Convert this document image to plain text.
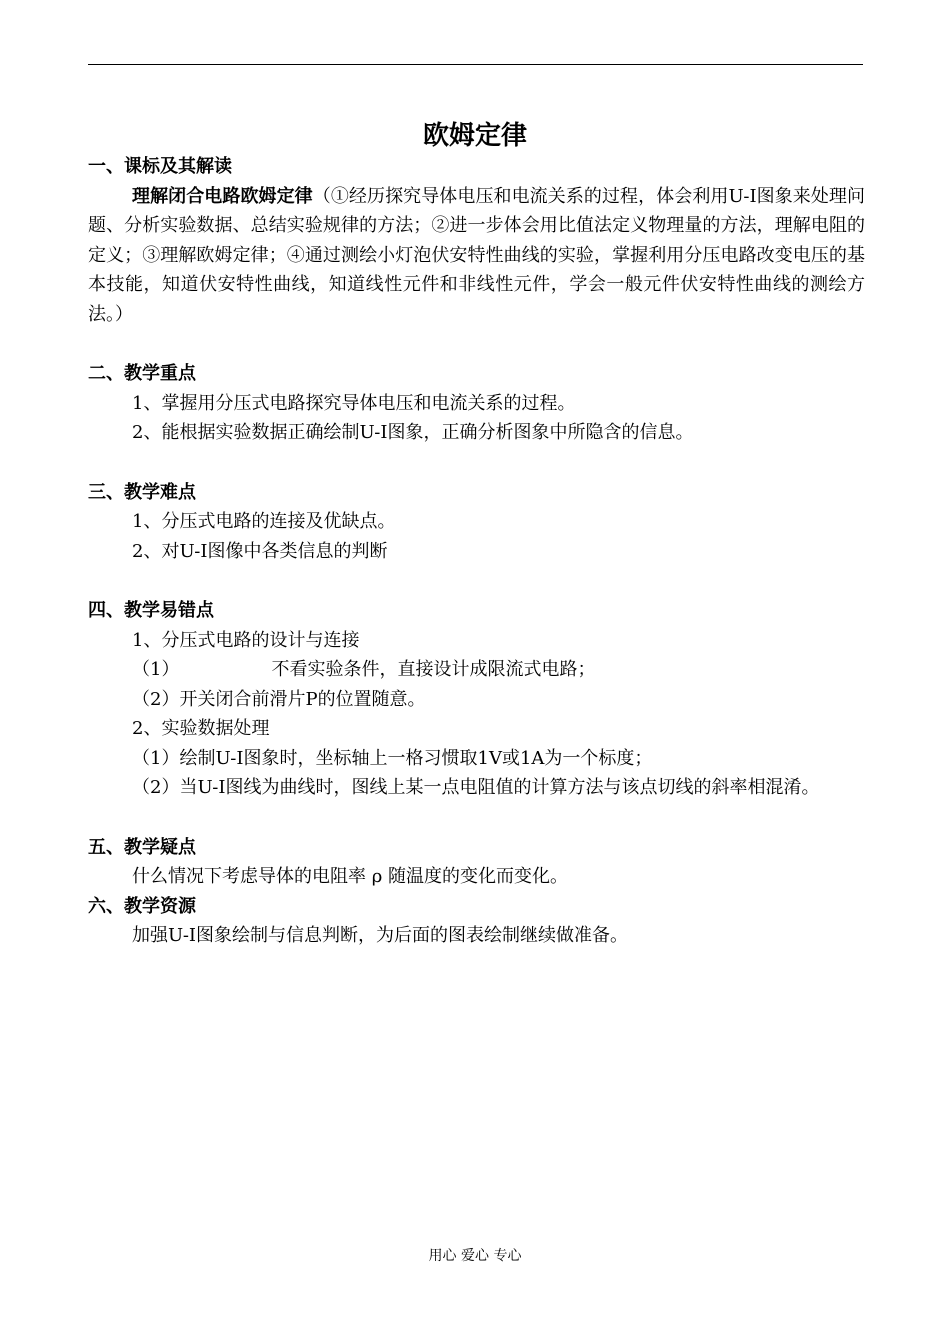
欧姆定律
一、课标及其解读
理解闭合电路欧姆定律（①经历探究导体电压和电流关系的过程，体会利用U-I图象来处理问题、分析实验数据、总结实验规律的方法；②进一步体会用比值法定义物理量的方法，理解电阻的定义；③理解欧姆定律；④通过测绘小灯泡伏安特性曲线的实验，掌握利用分压电路改变电压的基本技能，知道伏安特性曲线，知道线性元件和非线性元件，学会一般元件伏安特性曲线的测绘方法。）
二、教学重点
1、掌握用分压式电路探究导体电压和电流关系的过程。
2、能根据实验数据正确绘制U-I图象，正确分析图象中所隐含的信息。
三、教学难点
1、分压式电路的连接及优缺点。
2、对U-I图像中各类信息的判断
四、教学易错点
1、分压式电路的设计与连接
（1）	不看实验条件，直接设计成限流式电路；
（2）开关闭合前滑片P的位置随意。
2、实验数据处理
（1）绘制U-I图象时，坐标轴上一格习惯取1V或1A为一个标度；
（2）当U-I图线为曲线时，图线上某一点电阻值的计算方法与该点切线的斜率相混淆。
五、教学疑点
什么情况下考虑导体的电阻率 ρ 随温度的变化而变化。
六、教学资源
加强U-I图象绘制与信息判断，为后面的图表绘制继续做准备。
用心 爱心 专心
